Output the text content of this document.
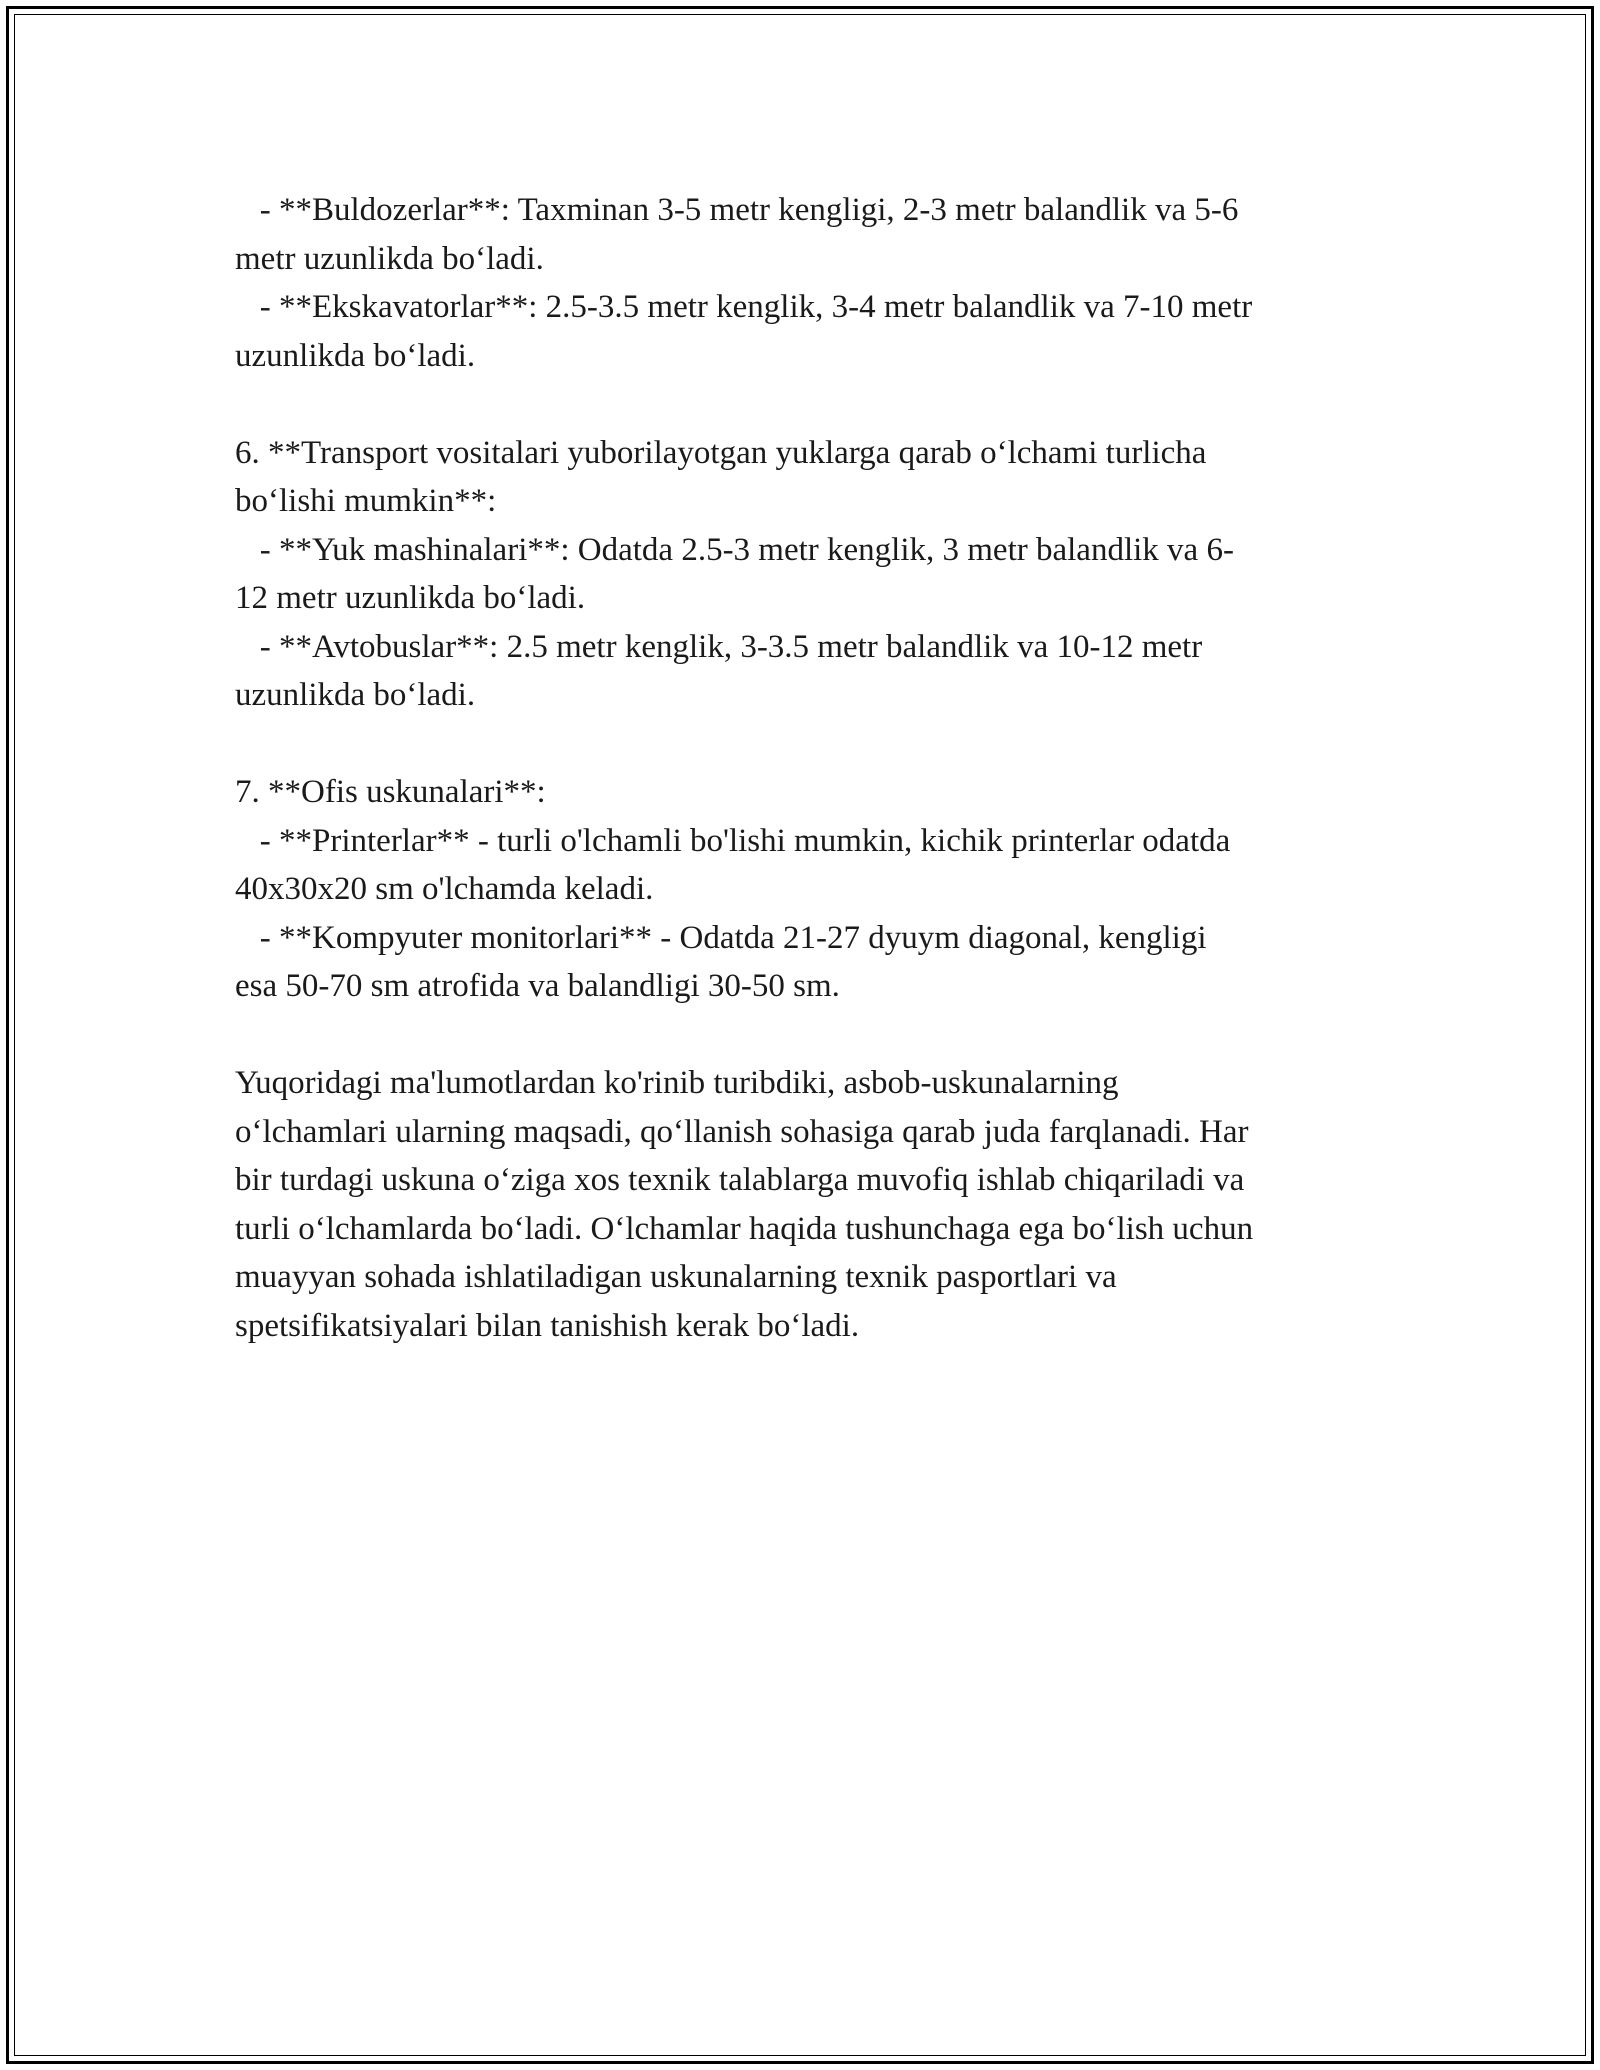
- **Buldozerlar**: Taxminan 3-5 metr kengligi, 2-3 metr balandlik va 5-6
metr uzunlikda bo‘ladi.
- **Ekskavatorlar**: 2.5-3.5 metr kenglik, 3-4 metr balandlik va 7-10 metr
uzunlikda bo‘ladi.
6. **Transport vositalari yuborilayotgan yuklarga qarab o‘lchami turlicha
bo‘lishi mumkin**:
- **Yuk mashinalari**: Odatda 2.5-3 metr kenglik, 3 metr balandlik va 6-
12 metr uzunlikda bo‘ladi.
- **Avtobuslar**: 2.5 metr kenglik, 3-3.5 metr balandlik va 10-12 metr
uzunlikda bo‘ladi.
7. **Ofis uskunalari**:
- **Printerlar** - turli o'lchamli bo'lishi mumkin, kichik printerlar odatda
40x30x20 sm o'lchamda keladi.
- **Kompyuter monitorlari** - Odatda 21-27 dyuym diagonal, kengligi
esa 50-70 sm atrofida va balandligi 30-50 sm.
Yuqoridagi ma'lumotlardan ko'rinib turibdiki, asbob-uskunalarning
o‘lchamlari ularning maqsadi, qo‘llanish sohasiga qarab juda farqlanadi. Har
bir turdagi uskuna o‘ziga xos texnik talablarga muvofiq ishlab chiqariladi va
turli o‘lchamlarda bo‘ladi. O‘lchamlar haqida tushunchaga ega bo‘lish uchun
muayyan sohada ishlatiladigan uskunalarning texnik pasportlari va
spetsifikatsiyalari bilan tanishish kerak bo‘ladi.
